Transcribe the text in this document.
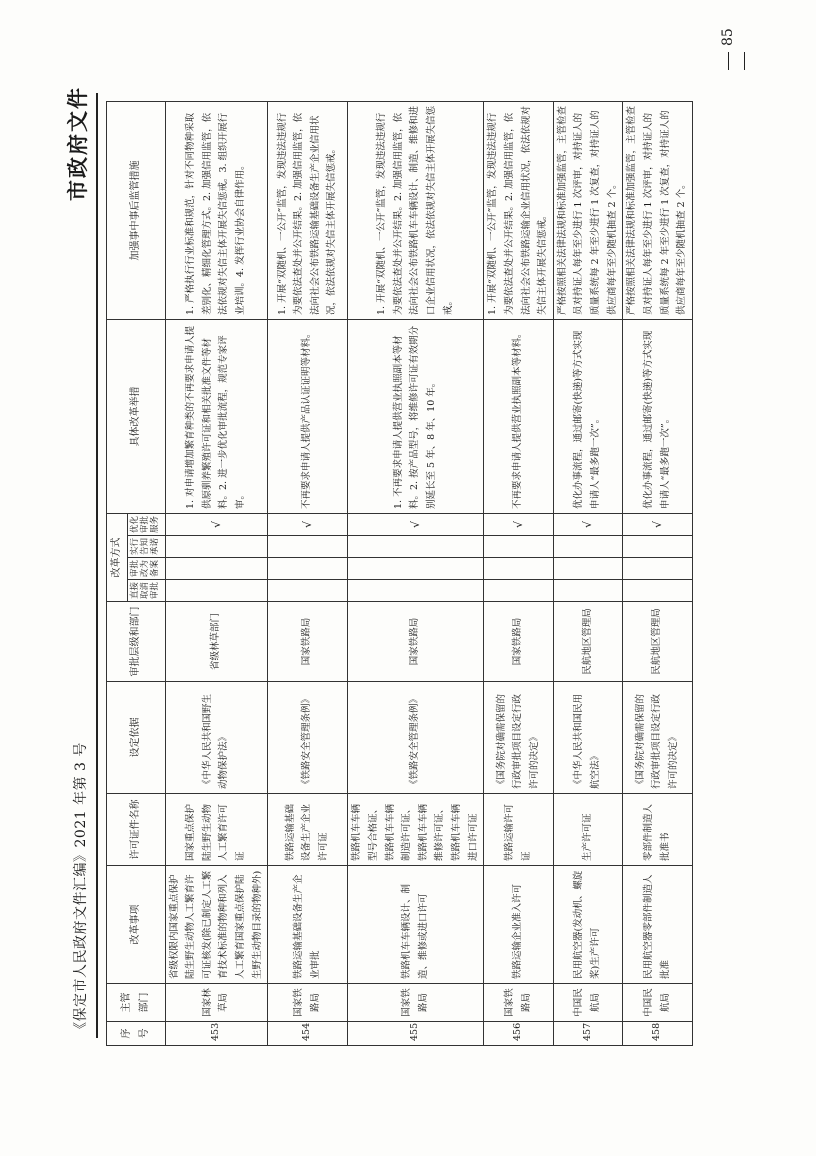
《保定市人民政府文件汇编》2021 年第 3 号
市政府文件
序号	主管部门	改革事项	许可证件名称	设定依据	审批层级和部门	改革方式				具体改革举措	加强事中事后监管措施
						直接取消审批	审批改为备案	实行告知承诺	优化审批服务		
453	国家林草局	省级权限内国家重点保护陆生野生动物人工繁育许可证核发(除已制定人工繁育技术标准的物种和列入人工繁育国家重点保护陆生野生动物目录的物种外)	国家重点保护陆生野生动物人工繁育许可证	《中华人民共和国野生动物保护法》	省级林草部门				√	1. 对申请增加繁育种类的不再要求申请人提供原驯养繁殖许可证和相关批准文件等材料。2. 进一步优化审批流程，规范专家评审。	1. 严格执行行业标准和规范，针对不同物种采取差别化、精细化管理方式。2. 加强信用监管，依法依规对失信主体开展失信惩戒。3. 组织开展行业培训。4. 发挥行业协会自律作用。
454	国家铁路局	铁路运输基础设备生产企业审批	铁路运输基础设备生产企业许可证	《铁路安全管理条例》	国家铁路局				√	不再要求申请人提供产品认证证明等材料。	1. 开展“双随机、一公开”监管，发现违法违规行为要依法查处并公开结果。2. 加强信用监管，依法向社会公布铁路运输基础设备生产企业信用状况，依法依规对失信主体开展失信惩戒。
455	国家铁路局	铁路机车车辆设计、制造、维修或进口许可	铁路机车车辆型号合格证、铁路机车车辆制造许可证、铁路机车车辆维修许可证、铁路机车车辆进口许可证	《铁路安全管理条例》	国家铁路局				√	1. 不再要求申请人提供营业执照副本等材料。2. 按产品型号，将维修许可证有效期分别延长至 5 年、8 年、10 年。	1. 开展“双随机、一公开”监管，发现违法违规行为要依法查处并公开结果。2. 加强信用监管，依法向社会公布铁路机车车辆设计、制造、维修和进口企业信用状况，依法依规对失信主体开展失信惩戒。
456	国家铁路局	铁路运输企业准入许可	铁路运输许可证	《国务院对确需保留的行政审批项目设定行政许可的决定》	国家铁路局				√	不再要求申请人提供营业执照副本等材料。	1. 开展“双随机、一公开”监管，发现违法违规行为要依法查处并公开结果。2. 加强信用监管，依法向社会公布铁路运输企业信用状况，依法依规对失信主体开展失信惩戒。
457	中国民航局	民用航空器(发动机、螺旋桨)生产许可	生产许可证	《中华人民共和国民用航空法》	民航地区管理局				√	优化办事流程，通过邮寄(快递)等方式实现申请人“最多跑一次”。	严格按照相关法律法规和标准加强监管，主管检查员对持证人每年至少进行 1 次评审，对持证人的质量系统每 2 年至少进行 1 次复查，对持证人的供应商每年至少随机抽查 2 个。
458	中国民航局	民用航空器零部件制造人批准	零部件制造人批准书	《国务院对确需保留的行政审批项目设定行政许可的决定》	民航地区管理局				√	优化办事流程，通过邮寄(快递)等方式实现申请人“最多跑一次”。	严格按照相关法律法规和标准加强监管，主管检查员对持证人每年至少进行 1 次评审，对持证人的质量系统每 2 年至少进行 1 次复查，对持证人的供应商每年至少随机抽查 2 个。
85
